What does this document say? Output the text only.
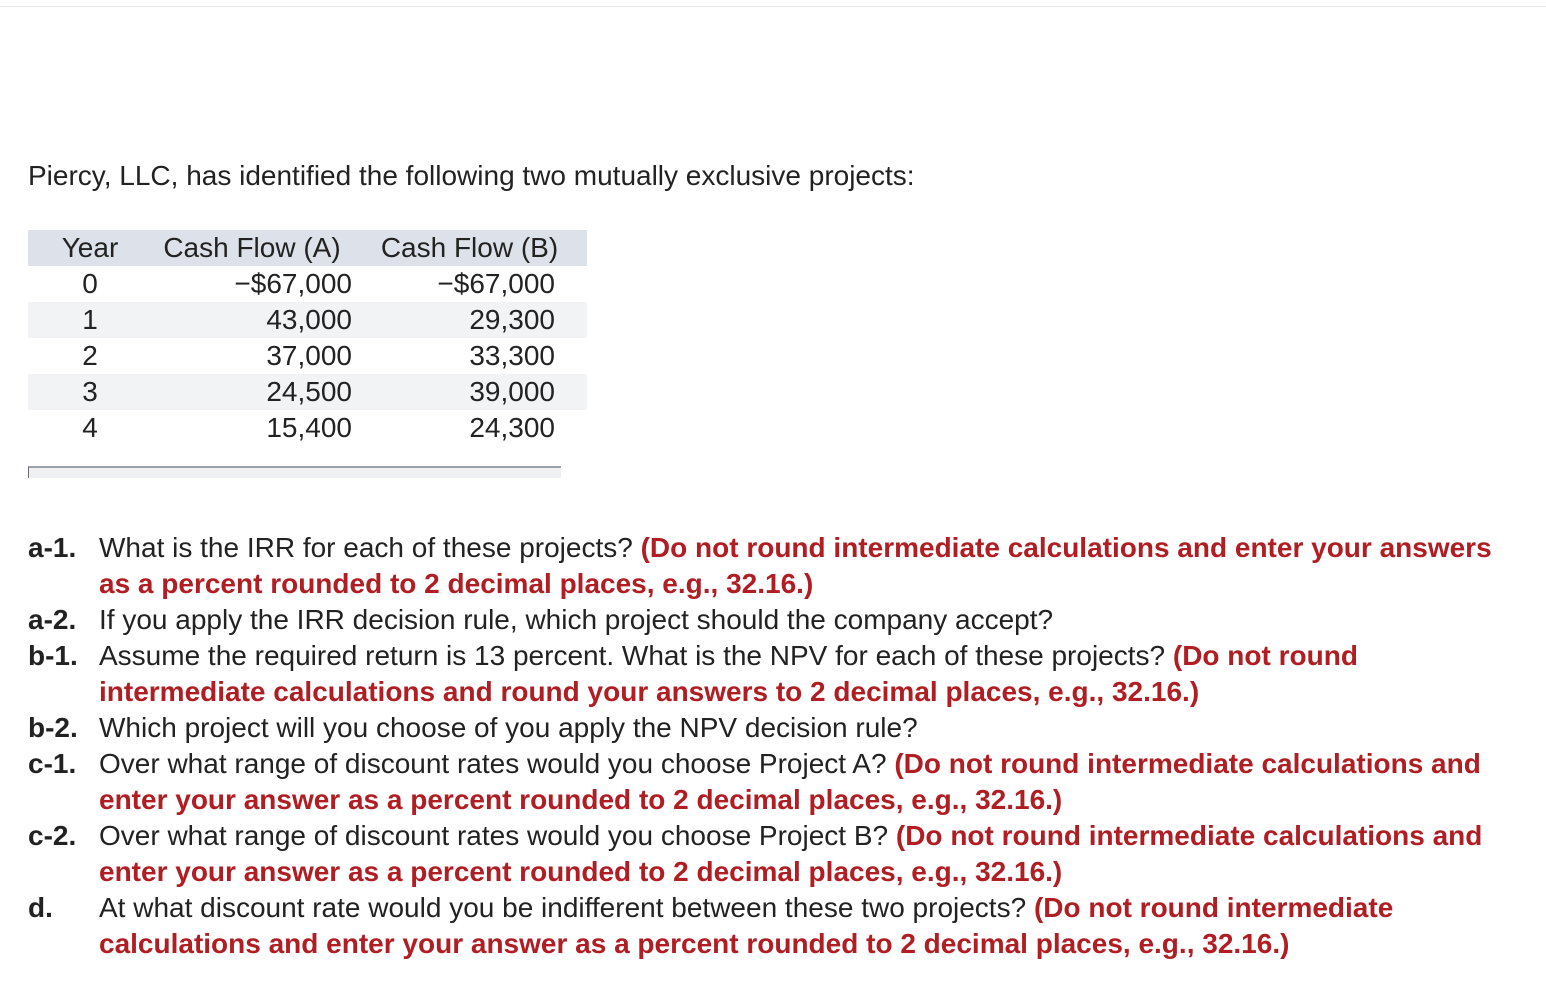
Piercy, LLC, has identified the following two mutually exclusive projects:
Year	Cash Flow (A)	Cash Flow (B)
0	−$67,000	−$67,000
1	43,000	29,300
2	37,000	33,300
3	24,500	39,000
4	15,400	24,300
a-1. What is the IRR for each of these projects? (Do not round intermediate calculations and enter your answers as a percent rounded to 2 decimal places, e.g., 32.16.)
a-2. If you apply the IRR decision rule, which project should the company accept?
b-1. Assume the required return is 13 percent. What is the NPV for each of these projects? (Do not round intermediate calculations and round your answers to 2 decimal places, e.g., 32.16.)
b-2. Which project will you choose of you apply the NPV decision rule?
c-1. Over what range of discount rates would you choose Project A? (Do not round intermediate calculations and enter your answer as a percent rounded to 2 decimal places, e.g., 32.16.)
c-2. Over what range of discount rates would you choose Project B? (Do not round intermediate calculations and enter your answer as a percent rounded to 2 decimal places, e.g., 32.16.)
d.	At what discount rate would you be indifferent between these two projects? (Do not round intermediate calculations and enter your answer as a percent rounded to 2 decimal places, e.g., 32.16.)
